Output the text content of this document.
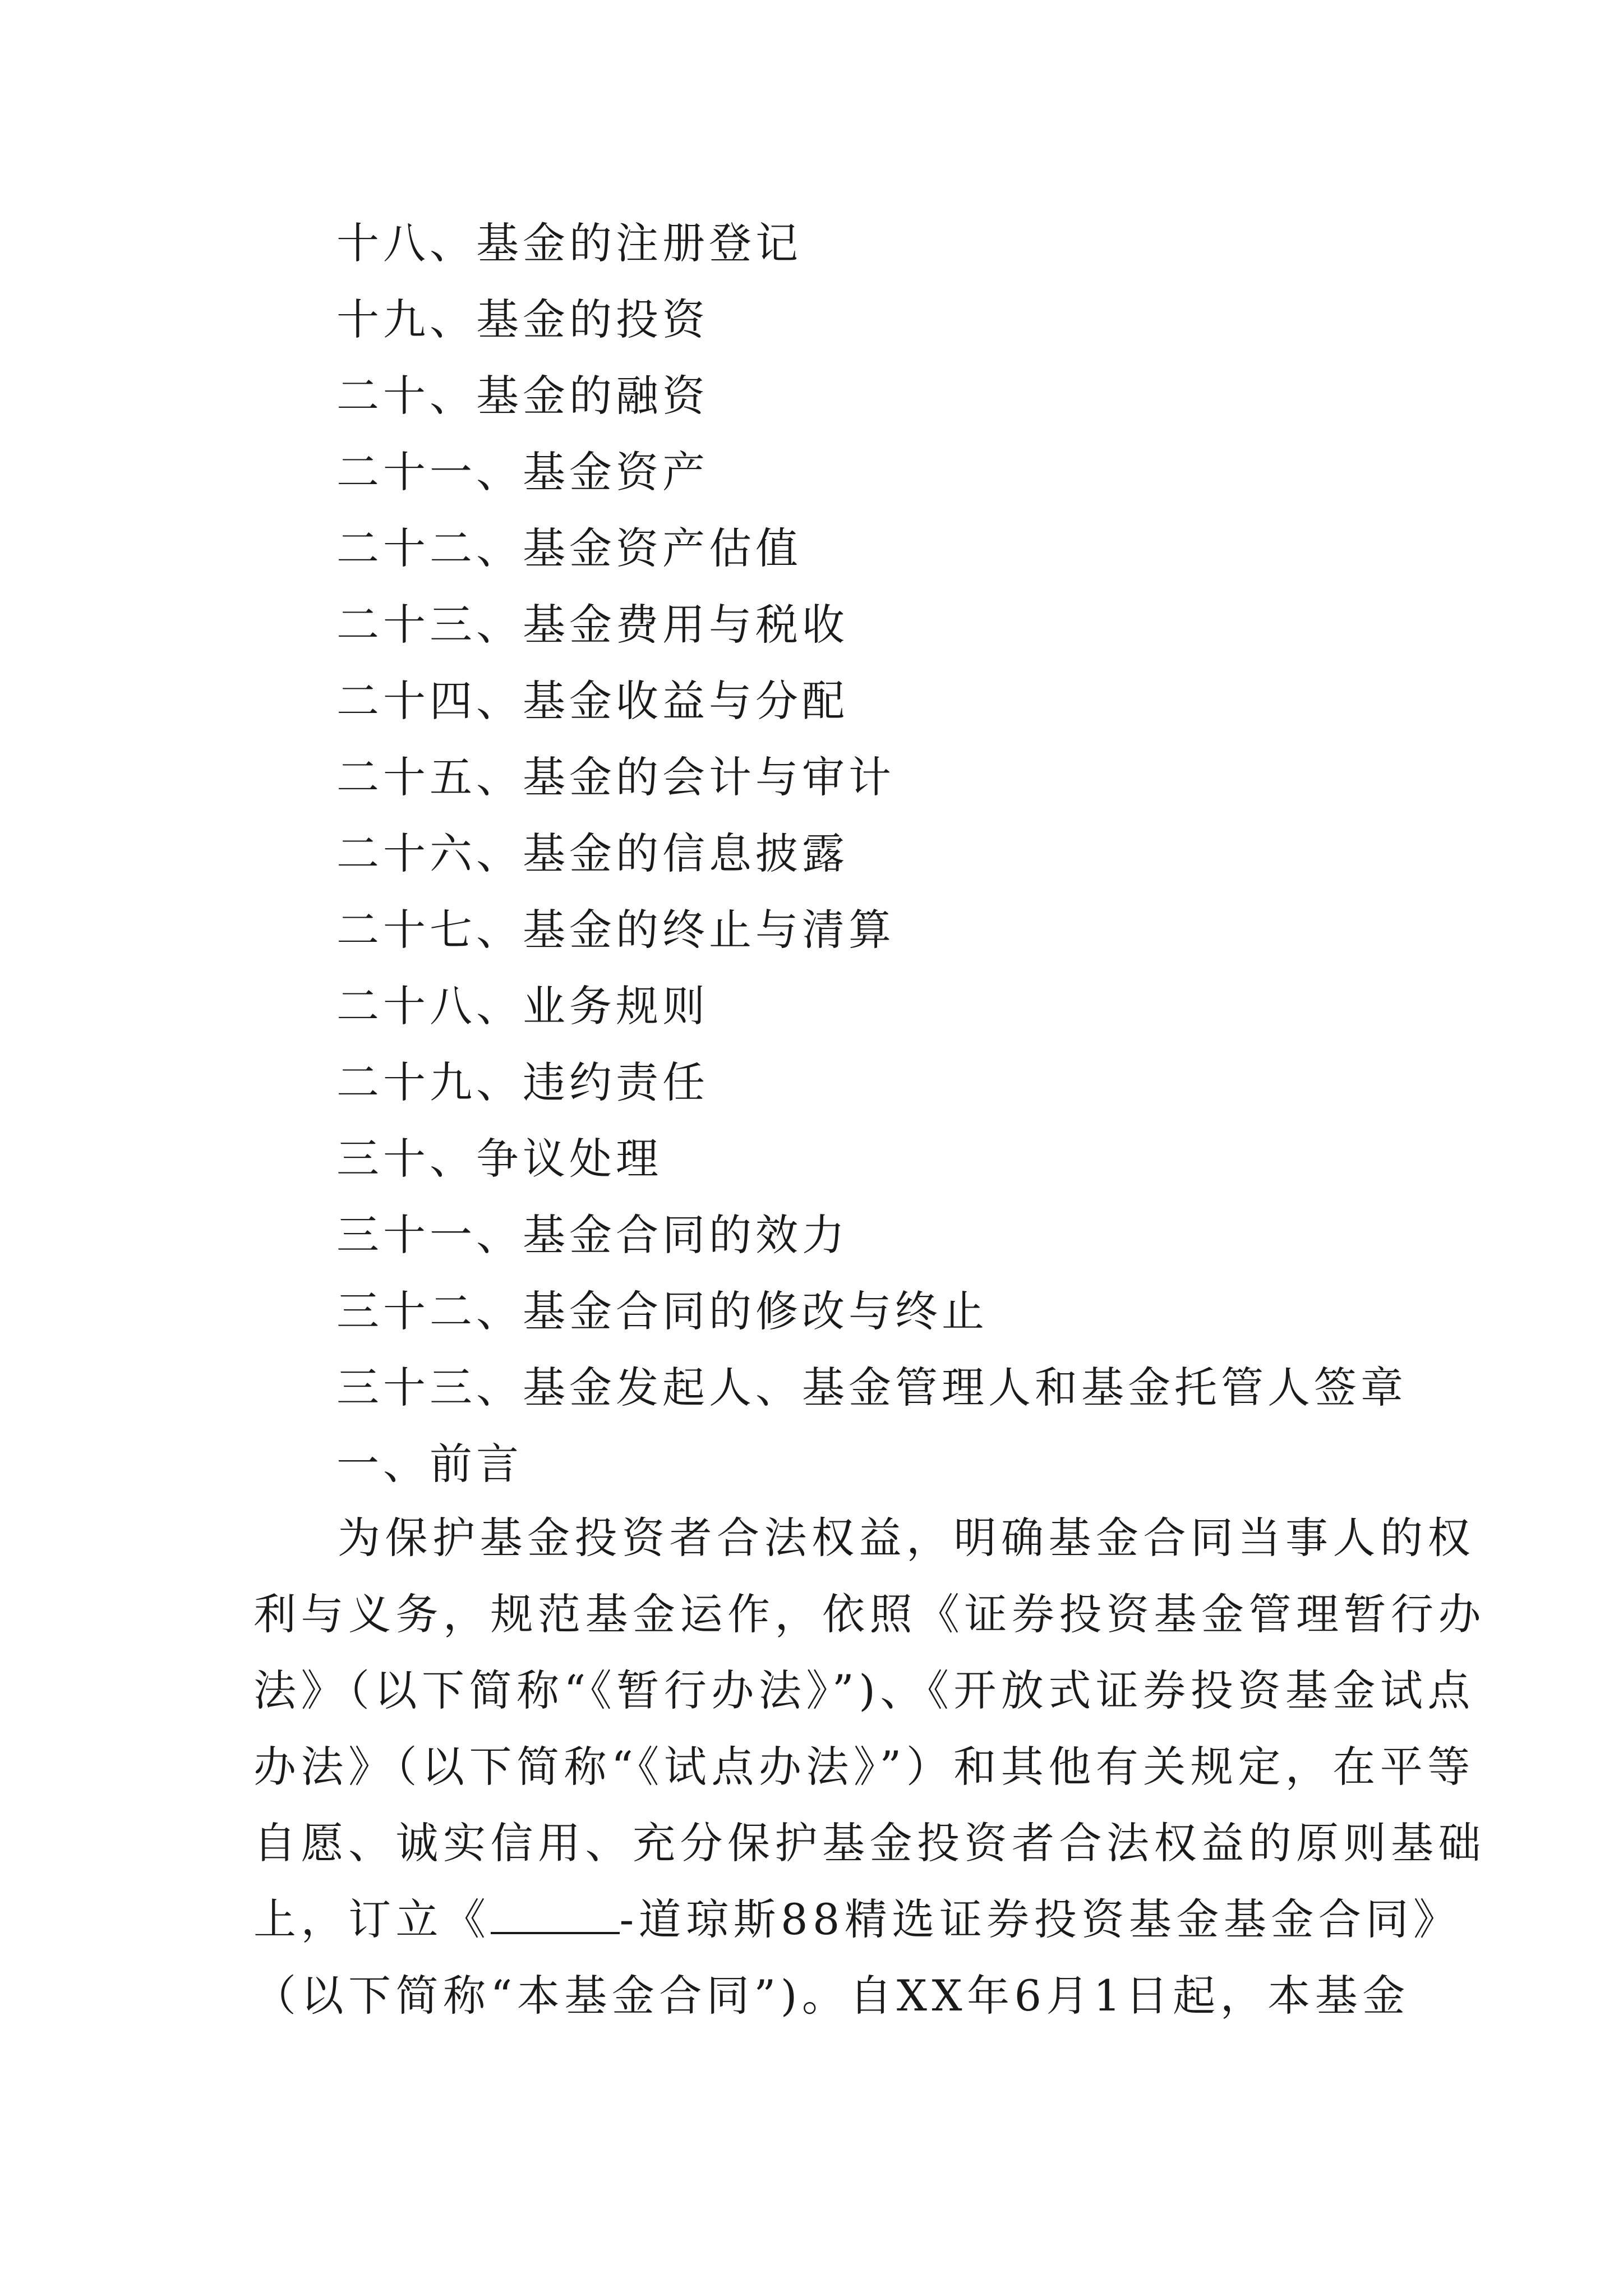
十八、基金的注册登记
十九、基金的投资
二十、基金的融资
二十一、基金资产
二十二、基金资产估值
二十三、基金费用与税收
二十四、基金收益与分配
二十五、基金的会计与审计
二十六、基金的信息披露
二十七、基金的终止与清算
二十八、业务规则
二十九、违约责任
三十、争议处理
三十一、基金合同的效力
三十二、基金合同的修改与终止
三十三、基金发起人、基金管理人和基金托管人签章
一、前言
为保护基金投资者合法权益，明确基金合同当事人的权
利与义务，规范基金运作，依照《证券投资基金管理暂行办
法》（以下简称“《暂行办法》”)、《开放式证券投资基金试点
办法》（以下简称“《试点办法》”）和其他有关规定，在平等
自愿、诚实信用、充分保护基金投资者合法权益的原则基础
上，订立《	-道琼斯88精选证券投资基金基金合同》
（以下简称“本基金合同”)。自XX年6月1日起，本基金
